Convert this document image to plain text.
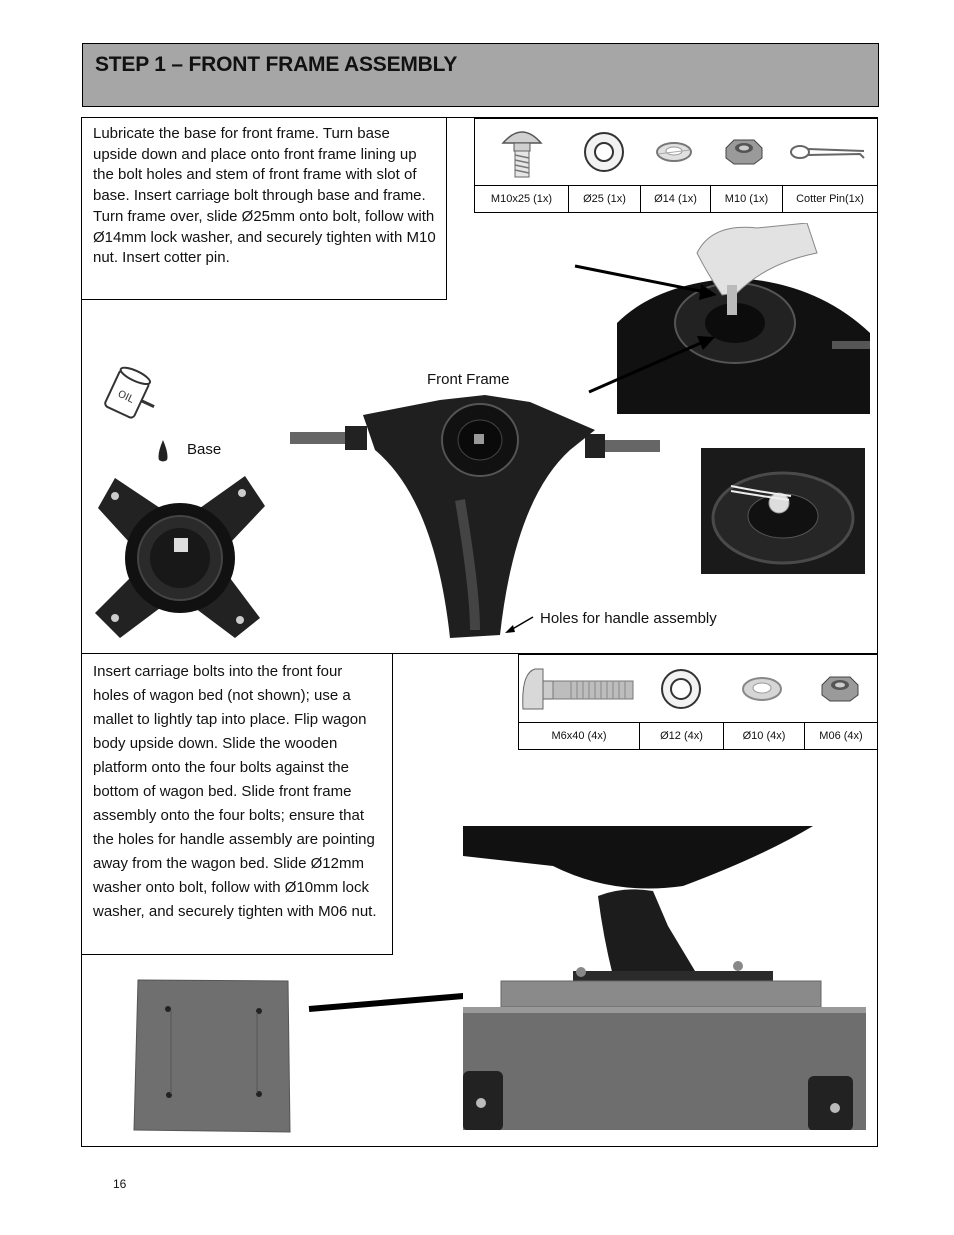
STEP 1 – FRONT FRAME ASSEMBLY
Lubricate the base for front frame. Turn base upside down and place onto front frame lining up the bolt holes and stem of front frame with slot of base. Insert carriage bolt through base and frame. Turn frame over, slide Ø25mm onto bolt, follow with Ø14mm lock washer, and securely tighten with M10 nut. Insert cotter pin.
M10x25 (1x)	Ø25 (1x)	Ø14 (1x)	M10 (1x)	Cotter Pin(1x)
OIL
Base
Front Frame
Holes for handle assembly
Insert carriage bolts into the front four holes of wagon bed (not shown); use a mallet to lightly tap into place. Flip wagon body upside down. Slide the wooden platform onto the four bolts against the bottom of wagon bed. Slide front frame assembly onto the four bolts; ensure that the holes for handle assembly are pointing away from the wagon bed. Slide Ø12mm washer onto bolt, follow with Ø10mm lock washer, and securely tighten with M06 nut.
M6x40 (4x)	Ø12 (4x)	Ø10 (4x)	M06 (4x)
16
